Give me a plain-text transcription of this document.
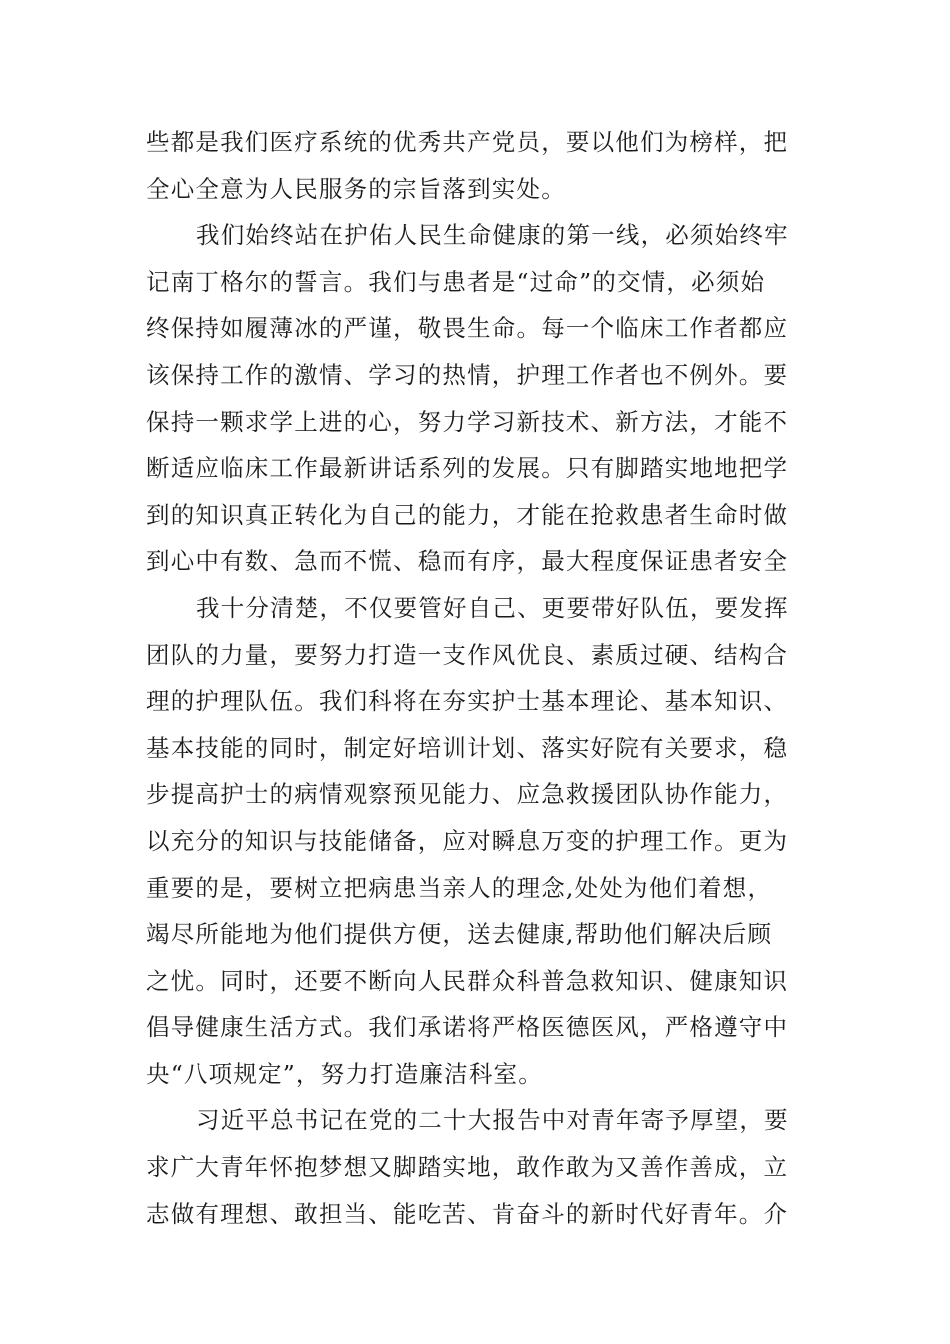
些都是我们医疗系统的优秀共产党员，要以他们为榜样，把
全心全意为人民服务的宗旨落到实处。
我们始终站在护佑人民生命健康的第一线，必须始终牢
记南丁格尔的誓言。我们与患者是“过命”的交情，必须始
终保持如履薄冰的严谨，敬畏生命。每一个临床工作者都应
该保持工作的激情、学习的热情，护理工作者也不例外。要
保持一颗求学上进的心，努力学习新技术、新方法，才能不
断适应临床工作最新讲话系列的发展。只有脚踏实地地把学
到的知识真正转化为自己的能力，才能在抢救患者生命时做
到心中有数、急而不慌、稳而有序，最大程度保证患者安全
我十分清楚，不仅要管好自己、更要带好队伍，要发挥
团队的力量，要努力打造一支作风优良、素质过硬、结构合
理的护理队伍。我们科将在夯实护士基本理论、基本知识、
基本技能的同时，制定好培训计划、落实好院有关要求，稳
步提高护士的病情观察预见能力、应急救援团队协作能力，
以充分的知识与技能储备，应对瞬息万变的护理工作。更为
重要的是，要树立把病患当亲人的理念,处处为他们着想，
竭尽所能地为他们提供方便，送去健康,帮助他们解决后顾
之忧。同时，还要不断向人民群众科普急救知识、健康知识
倡导健康生活方式。我们承诺将严格医德医风，严格遵守中
央“八项规定”，努力打造廉洁科室。
习近平总书记在党的二十大报告中对青年寄予厚望，要
求广大青年怀抱梦想又脚踏实地，敢作敢为又善作善成，立
志做有理想、敢担当、能吃苦、肯奋斗的新时代好青年。介
